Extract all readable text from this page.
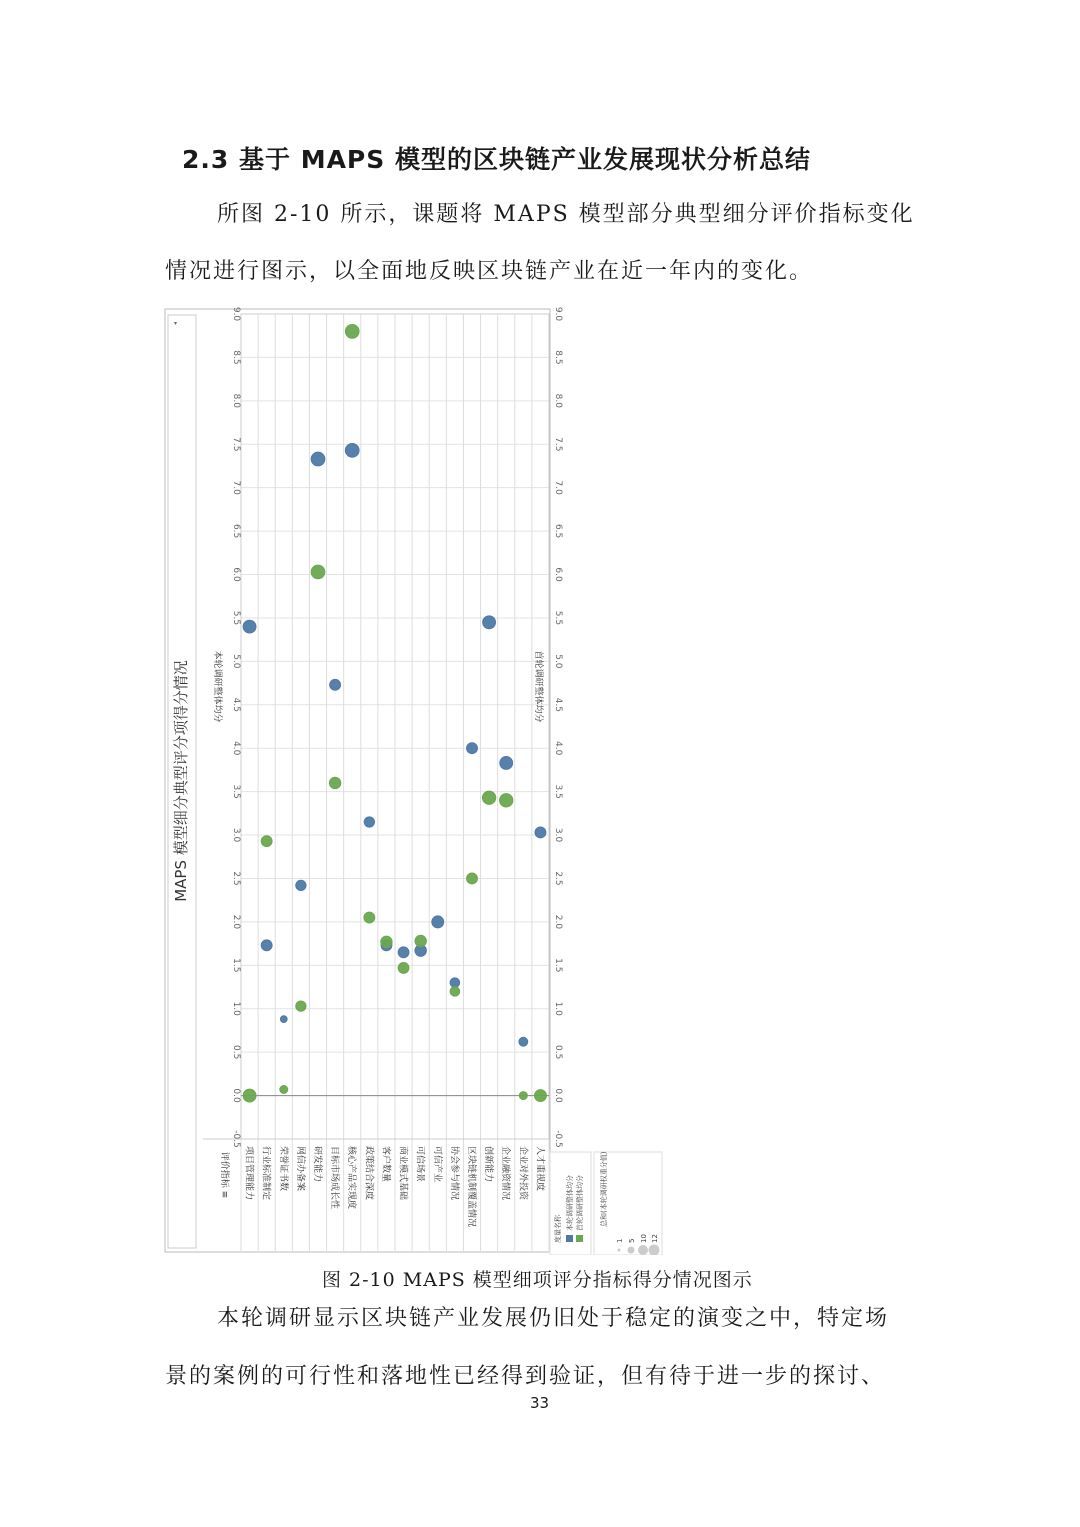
2.3 基于 MAPS 模型的区块链产业发展现状分析总结
所图 2-10 所示，课题将 MAPS 模型部分典型细分评价指标变化
情况进行图示，以全面地反映区块链产业在近一年内的变化。
MAPS 模型细分典型评分项得分情况
▾
-0.5	-0.5
0.0	0.0
0.5	0.5
1.0	1.0
1.5	1.5
2.0	2.0
2.5	2.5
3.0	3.0
3.5	3.5
4.0	4.0
4.5	4.5
5.0	5.0
5.5	5.5
6.0	6.0
6.5	6.5
7.0	7.0
7.5	7.5
8.0	8.0
8.5	8.5
9.0	9.0
本轮调研整体均分	首轮调研整体均分
评价指标 ≡ 项目管理能力 行业标准制定 荣誉证书数 网信办备案 研发能力 目标市场成长性 核心产品实现度 政策结合深度 客户数量 商业模式基础 可信场景 可信产业 协会参与情况 区块链机制覆盖情况 创新能力 企业融资情况 企业对外投资 人才重视度
度量名称 本轮调研整体均分 首轮调研整体均分 总和(本轮调研权重分值)
1 5 10 12
图 2-10 MAPS 模型细项评分指标得分情况图示
本轮调研显示区块链产业发展仍旧处于稳定的演变之中，特定场
景的案例的可行性和落地性已经得到验证，但有待于进一步的探讨、
33
